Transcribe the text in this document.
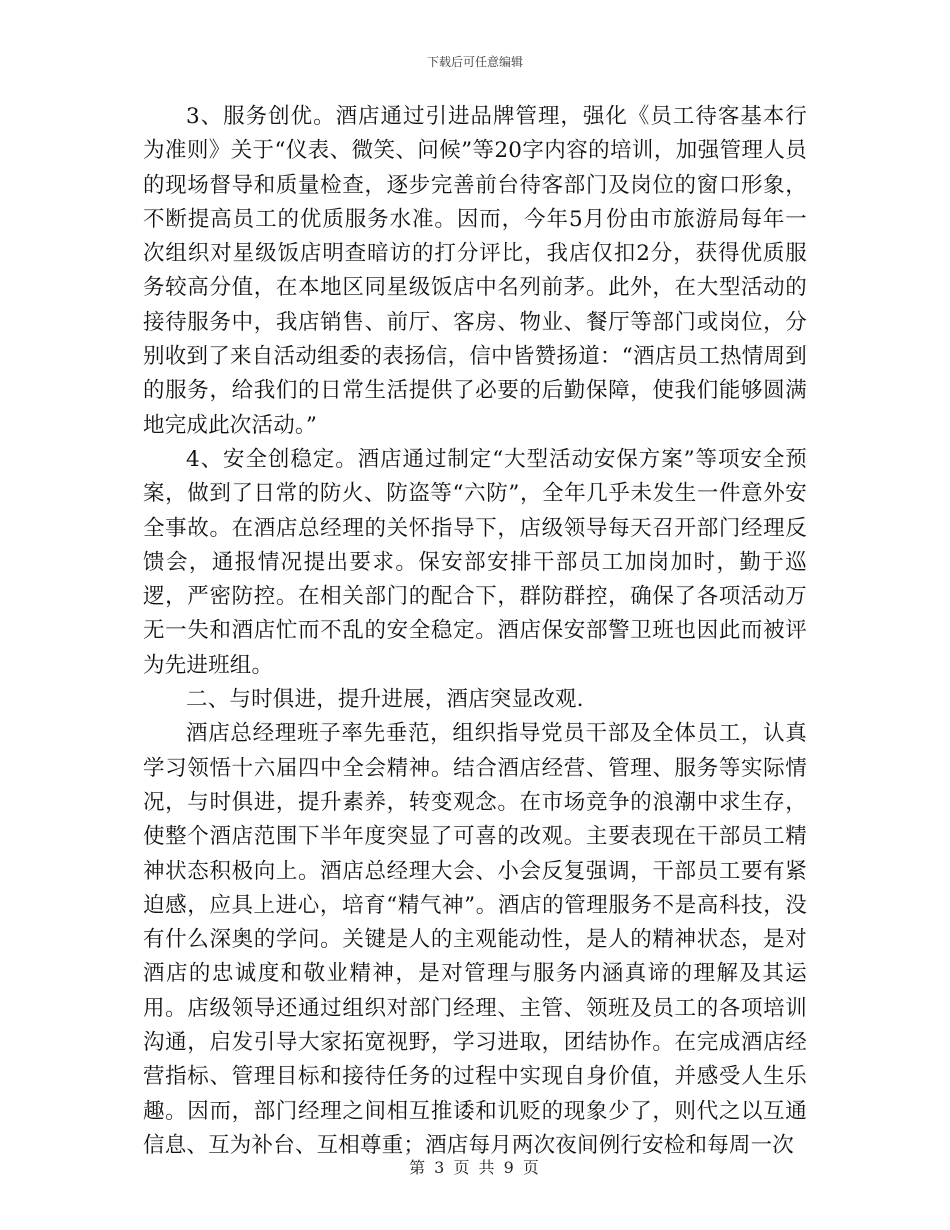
下载后可任意编辑

3、服务创优。酒店通过引进品牌管理，强化《员工待客基本行为准则》关于“仪表、微笑、问候”等20字内容的培训，加强管理人员的现场督导和质量检查，逐步完善前台待客部门及岗位的窗口形象，不断提高员工的优质服务水准。因而，今年5月份由市旅游局每年一次组织对星级饭店明查暗访的打分评比，我店仅扣2分，获得优质服务较高分值，在本地区同星级饭店中名列前茅。此外，在大型活动的接待服务中，我店销售、前厅、客房、物业、餐厅等部门或岗位，分别收到了来自活动组委的表扬信，信中皆赞扬道：“酒店员工热情周到的服务，给我们的日常生活提供了必要的后勤保障，使我们能够圆满地完成此次活动。”

4、安全创稳定。酒店通过制定“大型活动安保方案”等项安全预案，做到了日常的防火、防盗等“六防”，全年几乎未发生一件意外安全事故。在酒店总经理的关怀指导下，店级领导每天召开部门经理反馈会，通报情况提出要求。保安部安排干部员工加岗加时，勤于巡逻，严密防控。在相关部门的配合下，群防群控，确保了各项活动万无一失和酒店忙而不乱的安全稳定。酒店保安部警卫班也因此而被评为先进班组。

二、与时俱进，提升进展，酒店突显改观.

酒店总经理班子率先垂范，组织指导党员干部及全体员工，认真学习领悟十六届四中全会精神。结合酒店经营、管理、服务等实际情况，与时俱进，提升素养，转变观念。在市场竞争的浪潮中求生存，使整个酒店范围下半年度突显了可喜的改观。主要表现在干部员工精神状态积极向上。酒店总经理大会、小会反复强调，干部员工要有紧迫感，应具上进心，培育“精气神”。酒店的管理服务不是高科技，没有什么深奥的学问。关键是人的主观能动性，是人的精神状态，是对酒店的忠诚度和敬业精神，是对管理与服务内涵真谛的理解及其运用。店级领导还通过组织对部门经理、主管、领班及员工的各项培训沟通，启发引导大家拓宽视野，学习进取，团结协作。在完成酒店经营指标、管理目标和接待任务的过程中实现自身价值，并感受人生乐趣。因而，部门经理之间相互推诿和讥贬的现象少了，则代之以互通信息、互为补台、互相尊重；酒店每月两次夜间例行安检和每周一次

第 3 页 共 9 页
